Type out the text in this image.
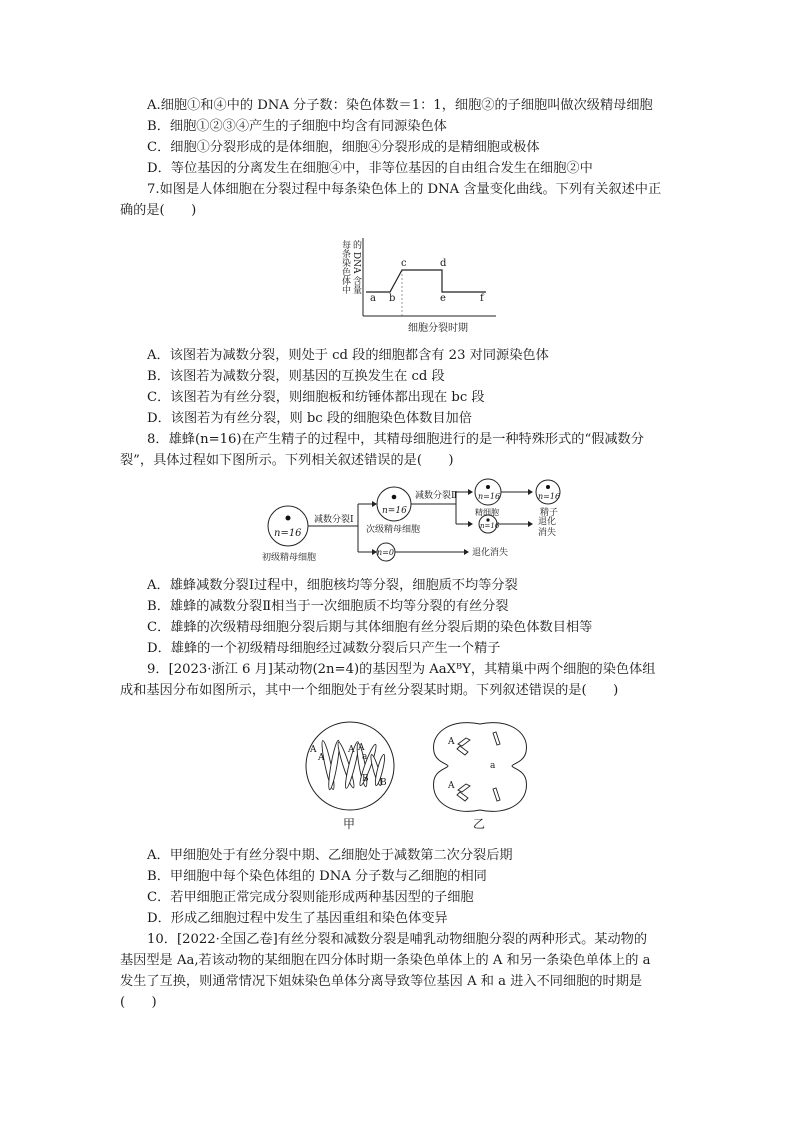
A.细胞①和④中的 DNA 分子数：染色体数＝1：1，细胞②的子细胞叫做次级精母细胞
B．细胞①②③④产生的子细胞中均含有同源染色体
C．细胞①分裂形成的是体细胞，细胞④分裂形成的是精细胞或极体
D．等位基因的分离发生在细胞④中，非等位基因的自由组合发生在细胞②中
7.如图是人体细胞在分裂过程中每条染色体上的 DNA 含量变化曲线。下列有关叙述中正
确的是(　　)
每条染色体中 的 DNA 含量
a b
c	d
e	f
细胞分裂时期
A．该图若为减数分裂，则处于 cd 段的细胞都含有 23 对同源染色体
B．该图若为减数分裂，则基因的互换发生在 cd 段
C．该图若为有丝分裂，则细胞板和纺锤体都出现在 bc 段
D．该图若为有丝分裂，则 bc 段的细胞染色体数目加倍
8．雄蜂(n=16)在产生精子的过程中，其精母细胞进行的是一种特殊形式的“假减数分
裂”，具体过程如下图所示。下列相关叙述错误的是(　　)
n=16
初级精母细胞
减数分裂Ⅰ
n=16
次级精母细胞
n=0	退化消失
减数分裂Ⅱ	n=16
精细胞
n=16	退化
消失
n=16
精子
A．雄蜂减数分裂Ⅰ过程中，细胞核均等分裂，细胞质不均等分裂
B．雄蜂的减数分裂Ⅱ相当于一次细胞质不均等分裂的有丝分裂
C．雄蜂的次级精母细胞分裂后期与其体细胞有丝分裂后期的染色体数目相等
D．雄蜂的一个初级精母细胞经过减数分裂后只产生一个精子
9．[2023·浙江 6 月]某动物(2n=4)的基因型为 AaXᴮY，其精巢中两个细胞的染色体组
成和基因分布如图所示，其中一个细胞处于有丝分裂某时期。下列叙述错误的是(　　)
A
A
A
a
A
B B
甲
A
a
A
乙
A．甲细胞处于有丝分裂中期、乙细胞处于减数第二次分裂后期
B．甲细胞中每个染色体组的 DNA 分子数与乙细胞的相同
C．若甲细胞正常完成分裂则能形成两种基因型的子细胞
D．形成乙细胞过程中发生了基因重组和染色体变异
10．[2022·全国乙卷]有丝分裂和减数分裂是哺乳动物细胞分裂的两种形式。某动物的
基因型是 Aa,若该动物的某细胞在四分体时期一条染色单体上的 A 和另一条染色单体上的 a
发生了互换，则通常情况下姐妹染色单体分离导致等位基因 A 和 a 进入不同细胞的时期是
(　　)
